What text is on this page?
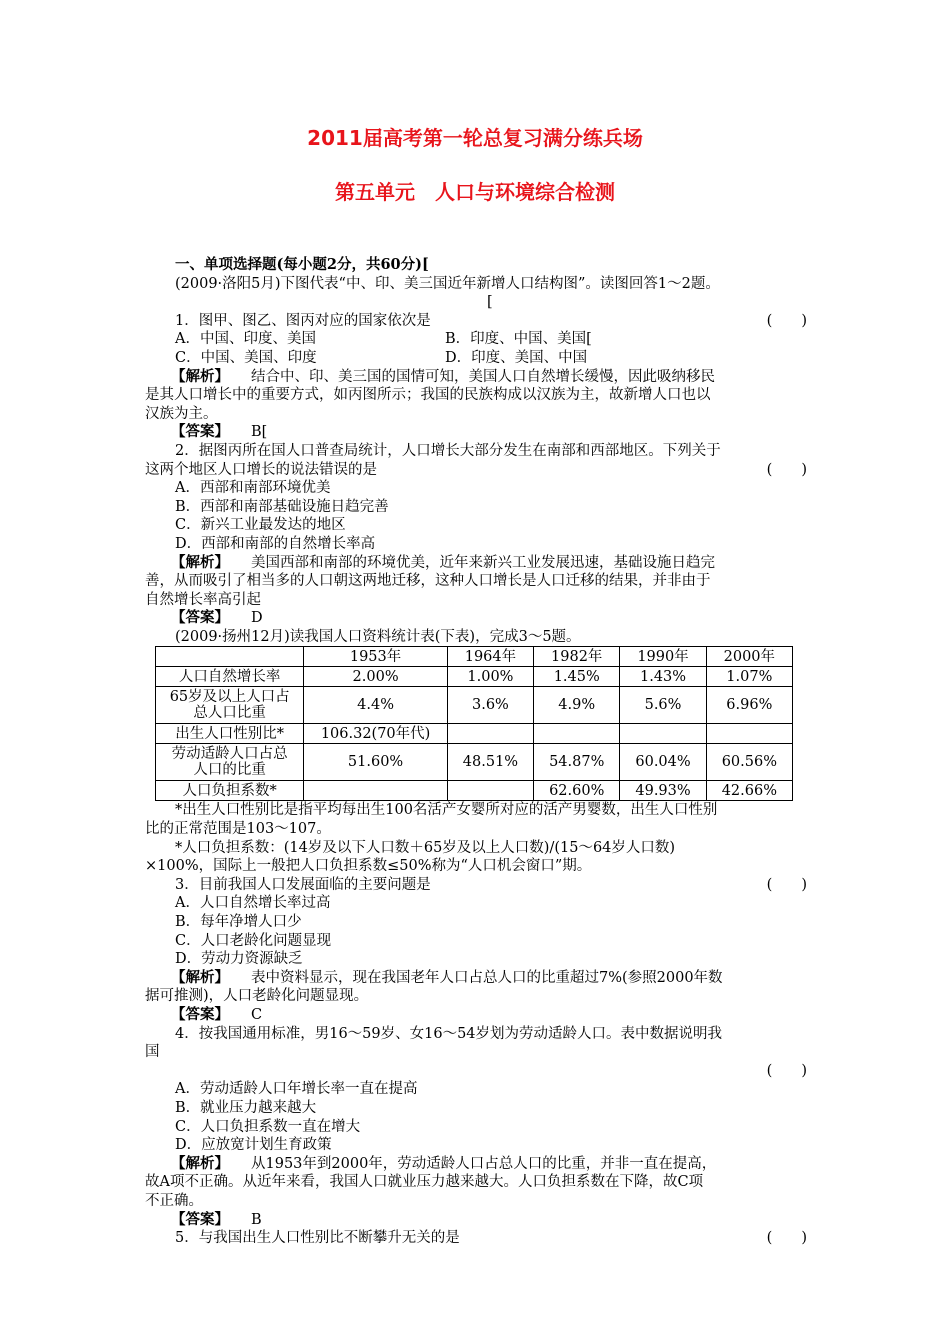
2011届高考第一轮总复习满分练兵场
第五单元　人口与环境综合检测
一、单项选择题(每小题2分，共60分)[
(2009·洛阳5月)下图代表“中、印、美三国近年新增人口结构图”。读图回答1～2题。
[
1．图甲、图乙、图丙对应的国家依次是	(　　)
A．中国、印度、美国	B．印度、中国、美国[
C．中国、美国、印度	D．印度、美国、中国
【解析】 结合中、印、美三国的国情可知，美国人口自然增长缓慢，因此吸纳移民
是其人口增长中的重要方式，如丙图所示；我国的民族构成以汉族为主，故新增人口也以
汉族为主。
【答案】 B[
2．据图丙所在国人口普查局统计，人口增长大部分发生在南部和西部地区。下列关于
这两个地区人口增长的说法错误的是	(　　)
A．西部和南部环境优美
B．西部和南部基础设施日趋完善
C．新兴工业最发达的地区
D．西部和南部的自然增长率高
【解析】 美国西部和南部的环境优美，近年来新兴工业发展迅速，基础设施日趋完
善，从而吸引了相当多的人口朝这两地迁移，这种人口增长是人口迁移的结果，并非由于
自然增长率高引起
【答案】 D
(2009·扬州12月)读我国人口资料统计表(下表)，完成3～5题。
	1953年	1964年	1982年	1990年	2000年
人口自然增长率	2.00%	1.00%	1.45%	1.43%	1.07%

65岁及以上人口占总人口比重	4.4%	3.6%	4.9%	5.6%	6.96%
出生人口性别比*	106.32(70年代)				

劳动适龄人口占总人口的比重	51.60%	48.51%	54.87%	60.04%	60.56%
人口负担系数*			62.60%	49.93%	42.66%
*出生人口性别比是指平均每出生100名活产女婴所对应的活产男婴数，出生人口性别
比的正常范围是103～107。
*人口负担系数：(14岁及以下人口数＋65岁及以上人口数)/(15～64岁人口数)
×100%，国际上一般把人口负担系数≤50%称为“人口机会窗口”期。
3．目前我国人口发展面临的主要问题是	(　　)
A．人口自然增长率过高
B．每年净增人口少
C．人口老龄化问题显现
D．劳动力资源缺乏
【解析】 表中资料显示，现在我国老年人口占总人口的比重超过7%(参照2000年数
据可推测)，人口老龄化问题显现。
【答案】 C
4．按我国通用标准，男16～59岁、女16～54岁划为劳动适龄人口。表中数据说明我
国
(　　)
A．劳动适龄人口年增长率一直在提高
B．就业压力越来越大
C．人口负担系数一直在增大
D．应放宽计划生育政策
【解析】 从1953年到2000年，劳动适龄人口占总人口的比重，并非一直在提高，
故A项不正确。从近年来看，我国人口就业压力越来越大。人口负担系数在下降，故C项
不正确。
【答案】 B
5．与我国出生人口性别比不断攀升无关的是	(　　)
